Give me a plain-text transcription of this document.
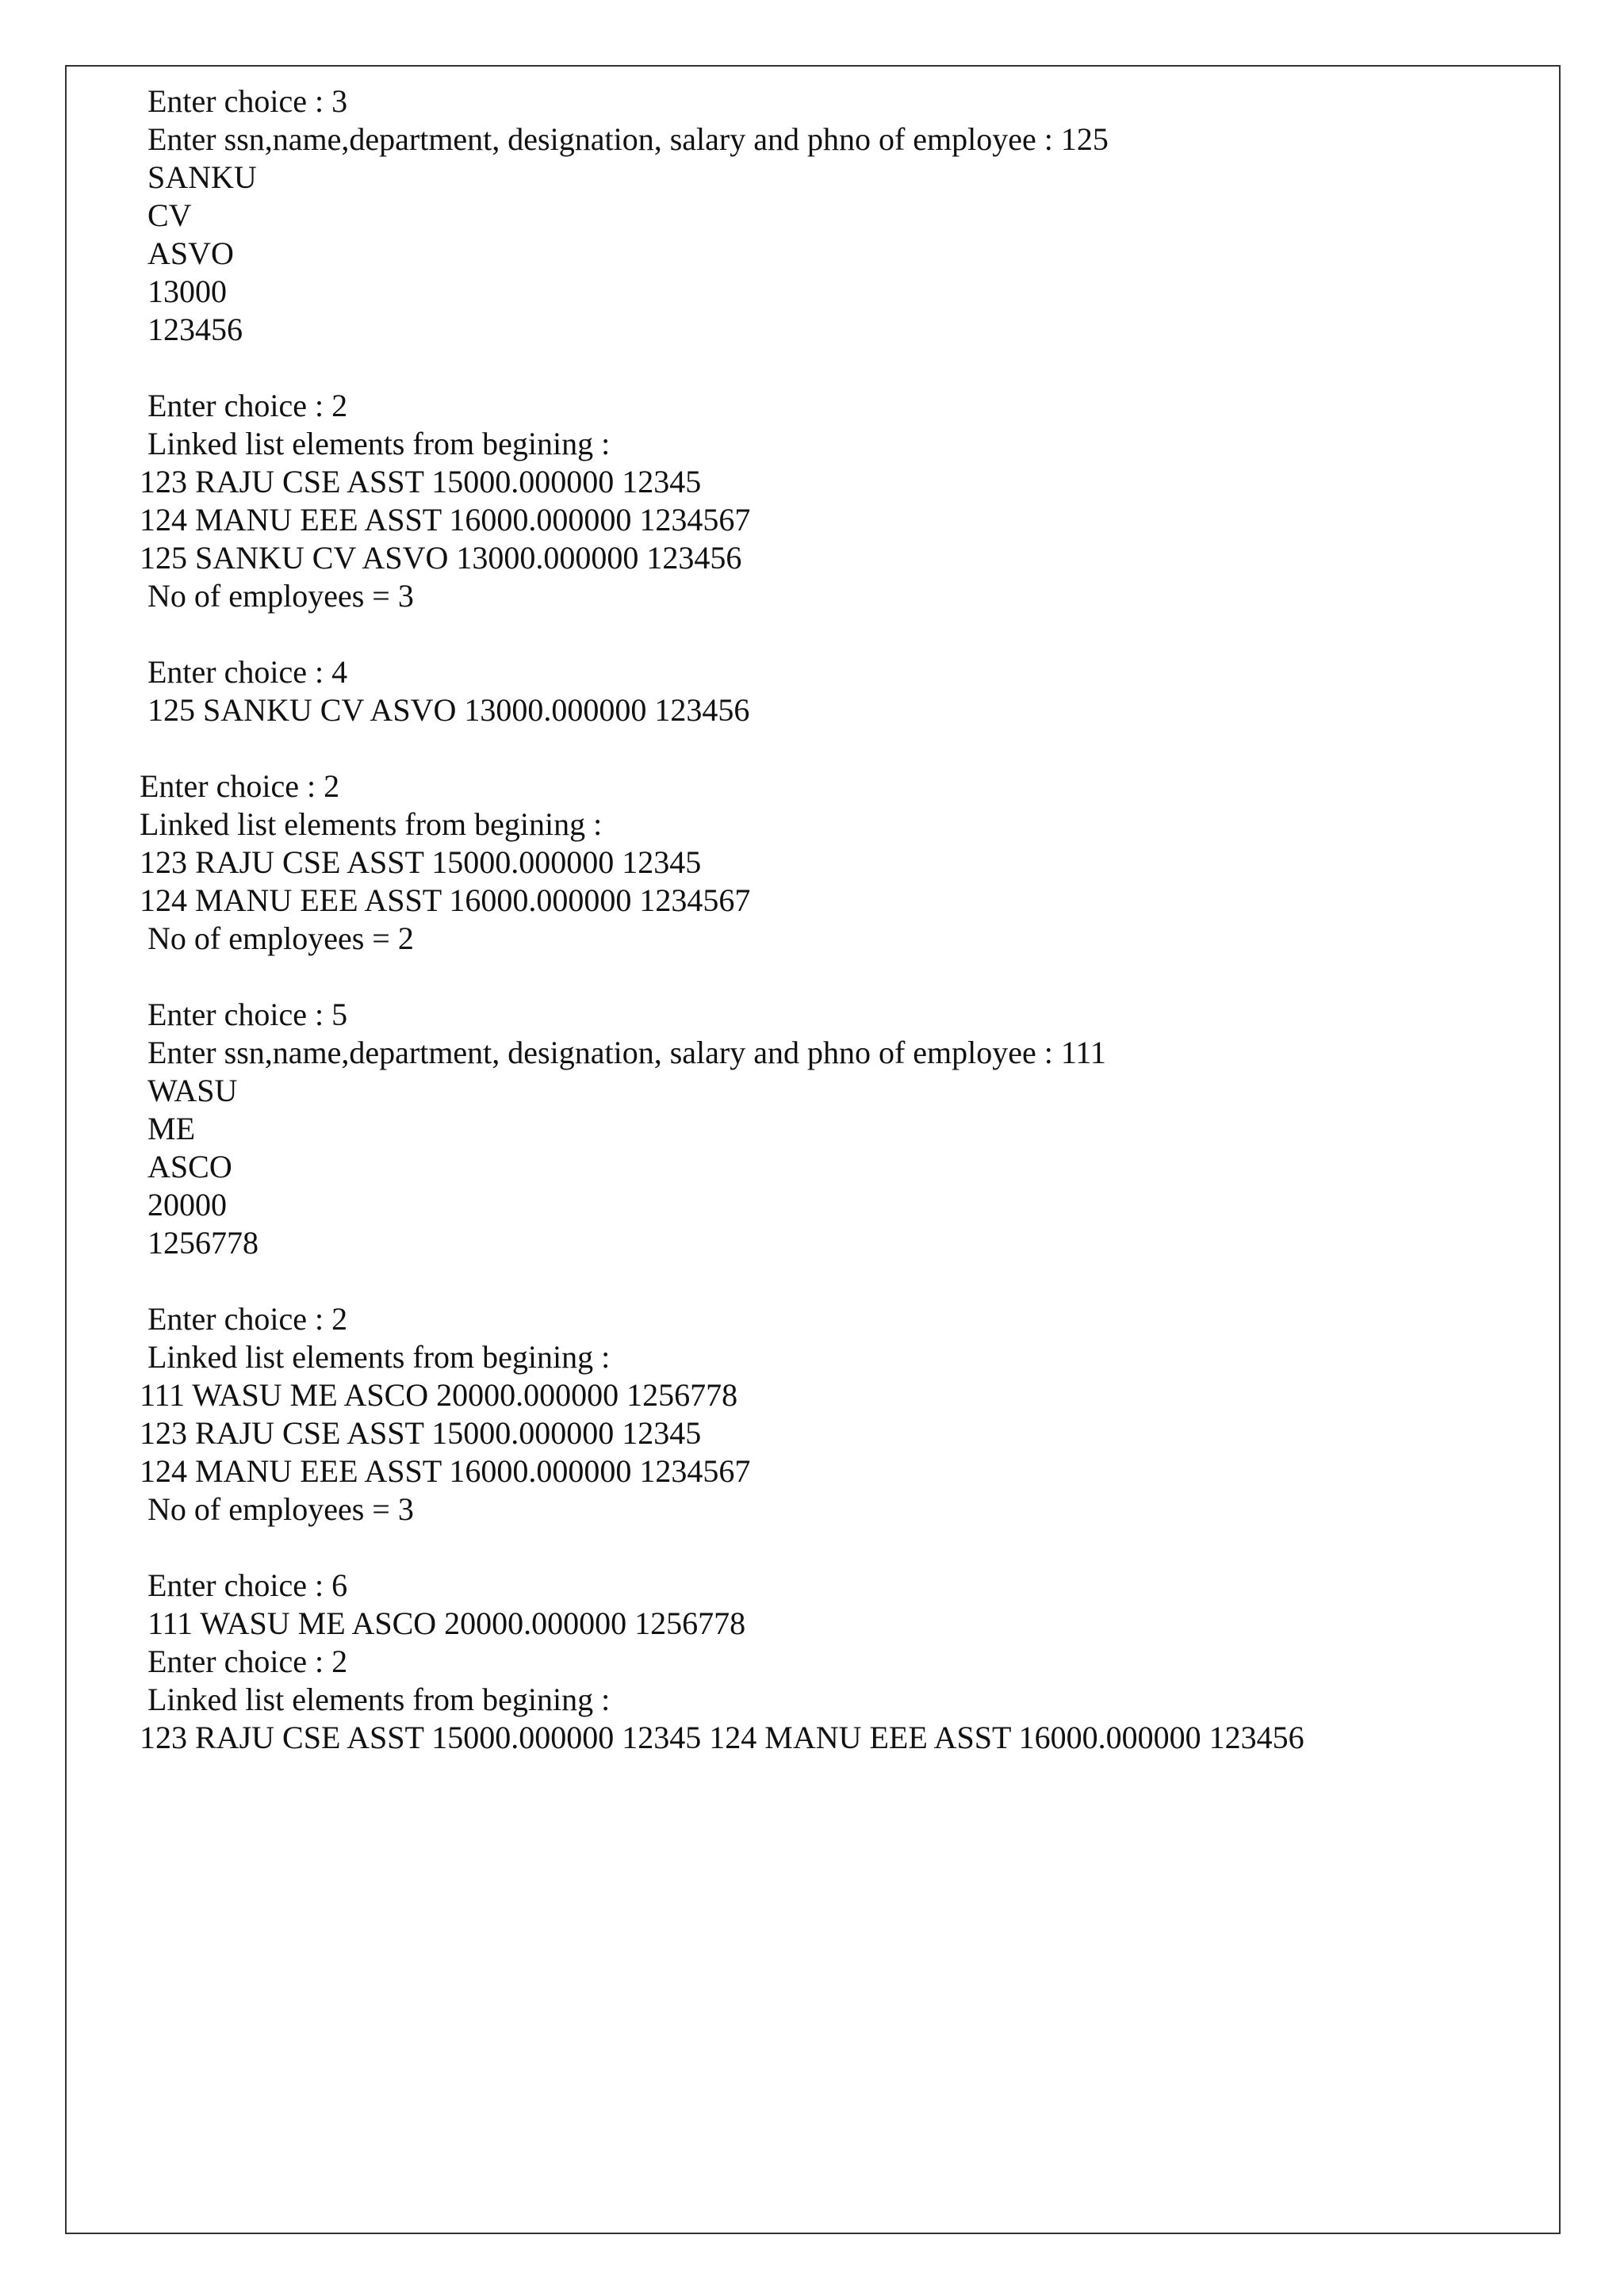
Enter choice : 3
Enter ssn,name,department, designation, salary and phno of employee : 125
SANKU
CV
ASVO
13000
123456
Enter choice : 2
Linked list elements from begining :
123 RAJU CSE ASST 15000.000000 12345
124 MANU EEE ASST 16000.000000 1234567
125 SANKU CV ASVO 13000.000000 123456
No of employees = 3
Enter choice : 4
125 SANKU CV ASVO 13000.000000 123456
Enter choice : 2
Linked list elements from begining :
123 RAJU CSE ASST 15000.000000 12345
124 MANU EEE ASST 16000.000000 1234567
No of employees = 2
Enter choice : 5
Enter ssn,name,department, designation, salary and phno of employee : 111
WASU
ME
ASCO
20000
1256778
Enter choice : 2
Linked list elements from begining :
111 WASU ME ASCO 20000.000000 1256778
123 RAJU CSE ASST 15000.000000 12345
124 MANU EEE ASST 16000.000000 1234567
No of employees = 3
Enter choice : 6
111 WASU ME ASCO 20000.000000 1256778
Enter choice : 2
Linked list elements from begining :
123 RAJU CSE ASST 15000.000000 12345 124 MANU EEE ASST 16000.000000 123456
